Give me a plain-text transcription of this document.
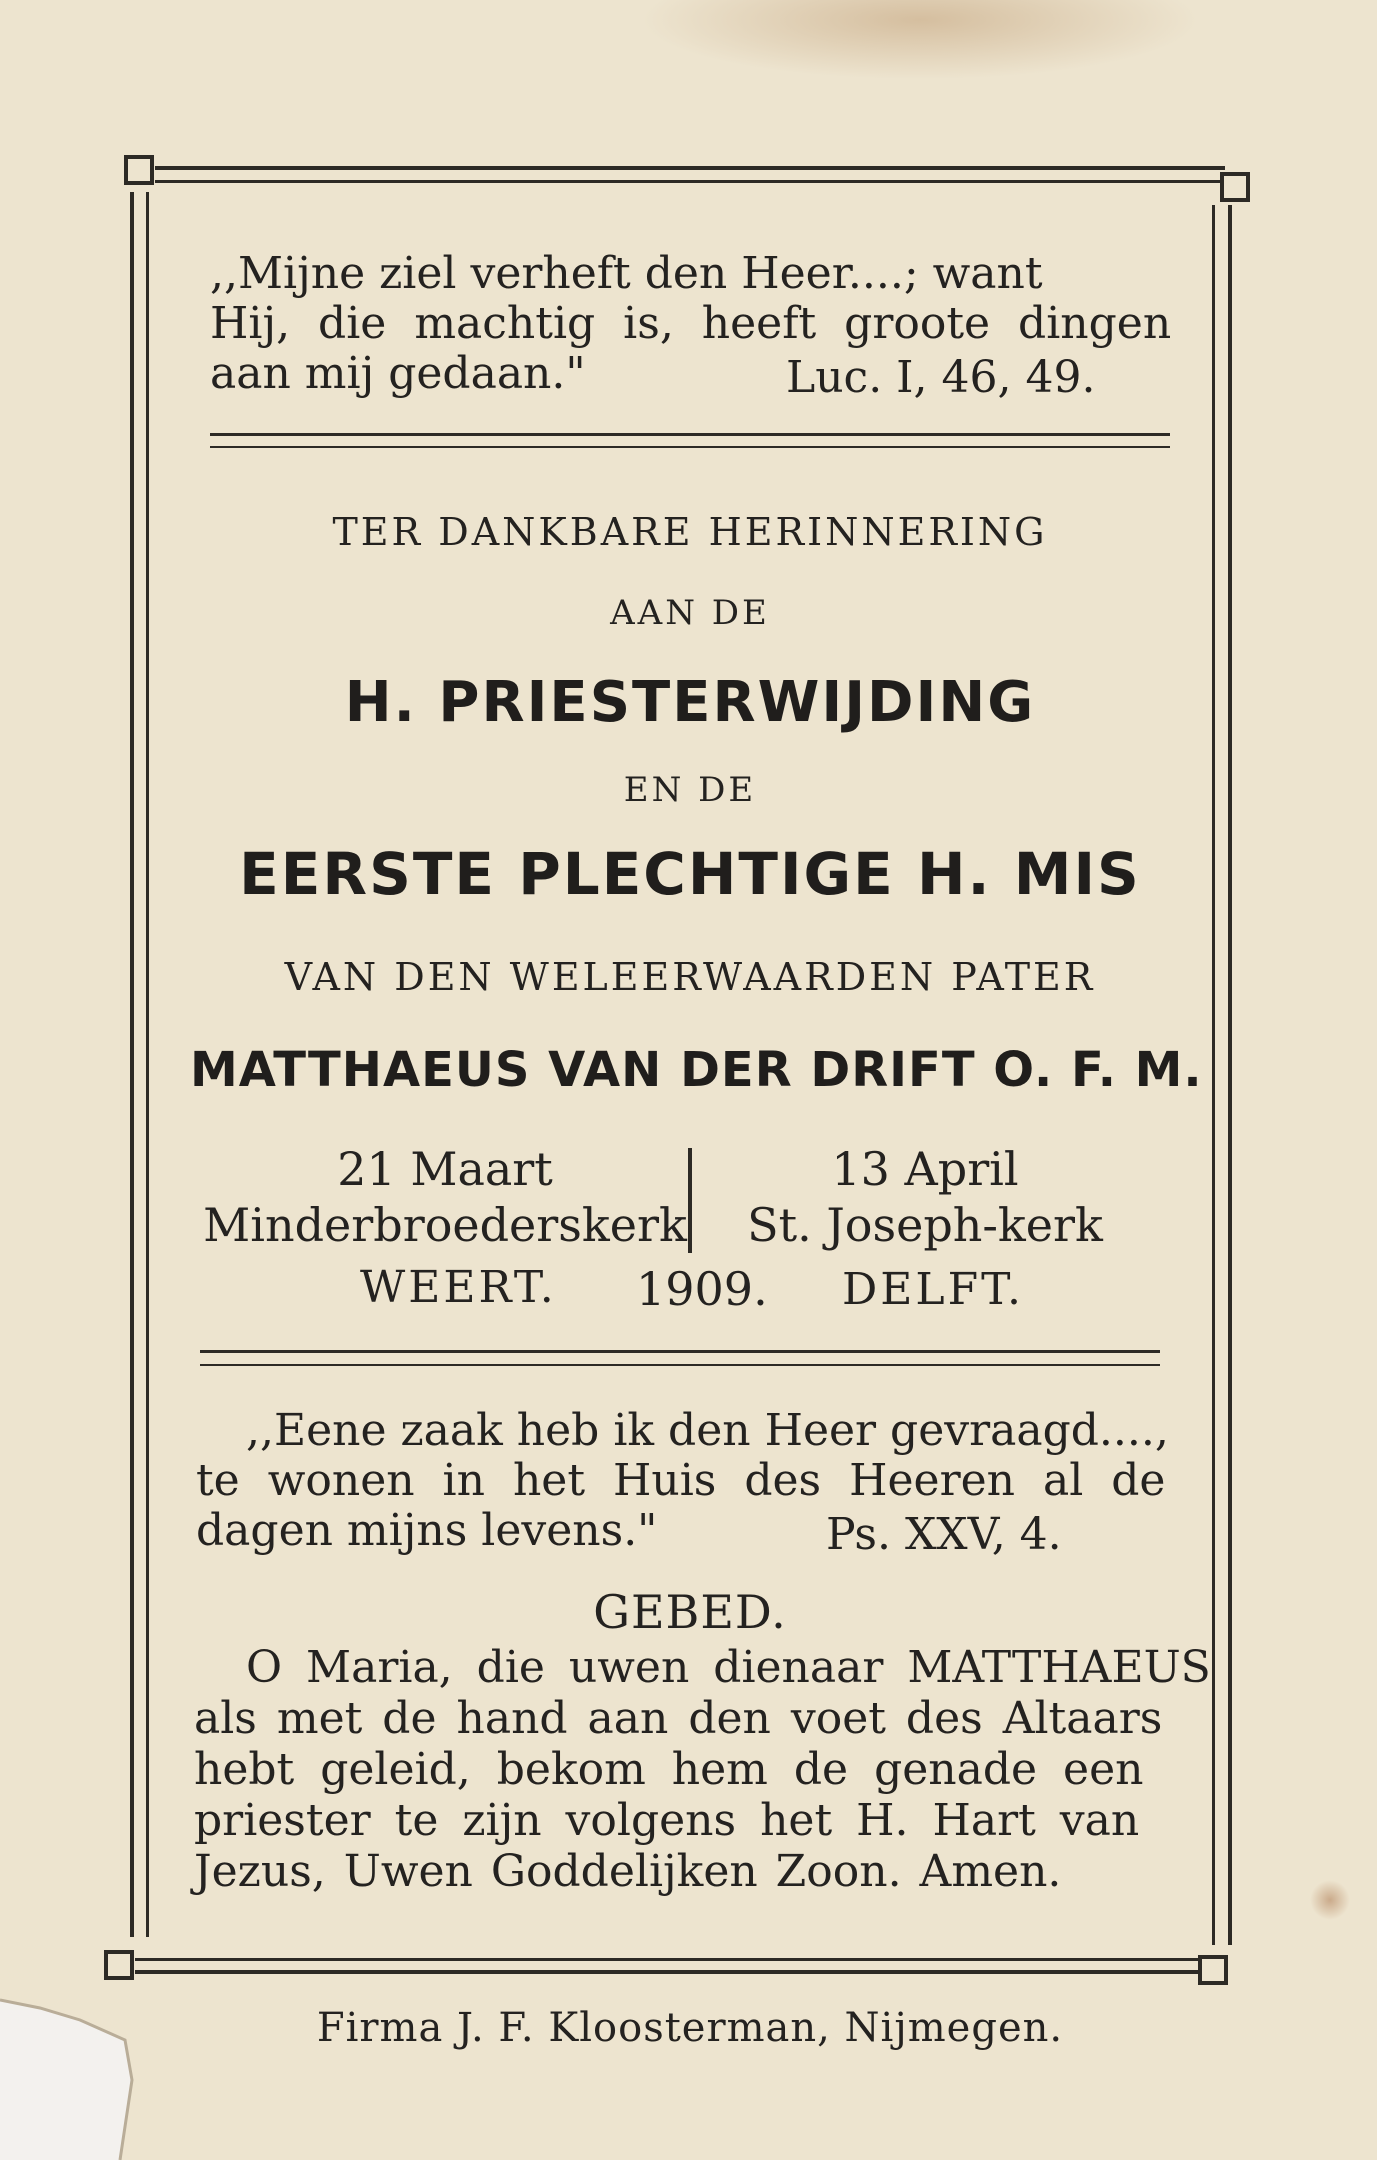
,,Mijne ziel verheft den Heer....; want
Hij, die machtig is, heeft groote dingen
aan mij gedaan."	Luc. I, 46, 49.
TER DANKBARE HERINNERING
AAN DE
H. PRIESTERWIJDING
EN DE
EERSTE PLECHTIGE H. MIS
VAN DEN WELEERWAARDEN PATER
MATTHAEUS VAN DER DRIFT O. F. M.
21 Maart
Minderbroederskerk
WEERT. 1909.
13 April
St. Joseph-kerk
DELFT.
,,Eene zaak heb ik den Heer gevraagd....,
te wonen in het Huis des Heeren al de
dagen mijns levens."	Ps. XXV, 4.
GEBED.
O Maria, die uwen dienaar MATTHAEUS
als met de hand aan den voet des Altaars
hebt geleid, bekom hem de genade een
priester te zijn volgens het H. Hart van
Jezus, Uwen Goddelijken Zoon. Amen.
Firma J. F. Kloosterman, Nijmegen.
